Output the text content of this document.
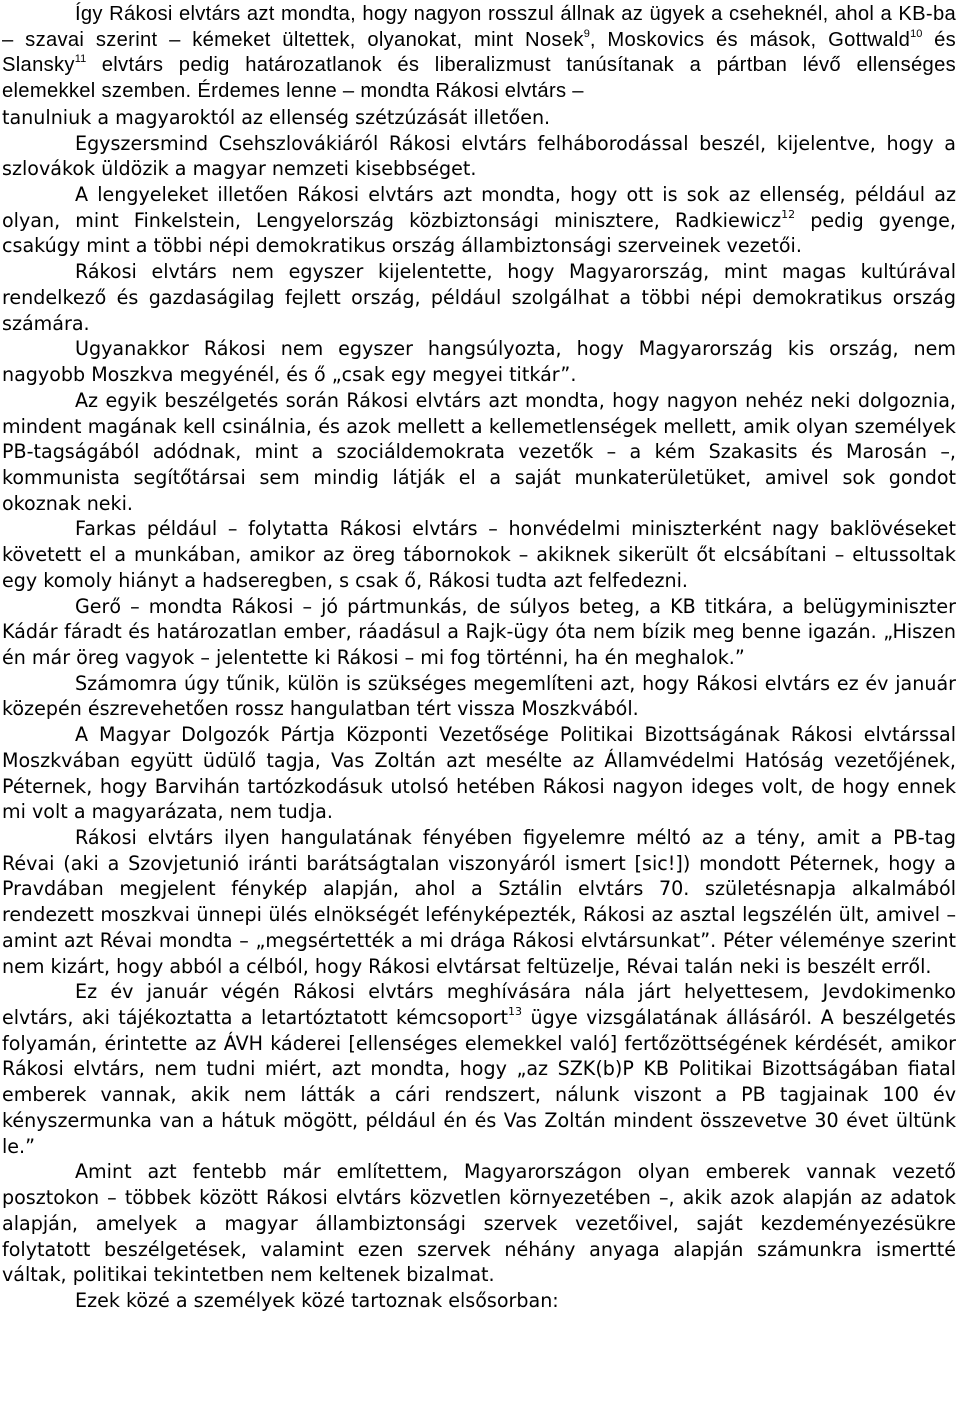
Így Rákosi elvtárs azt mondta, hogy nagyon rosszul állnak az ügyek a cseheknél, ahol a KB-ba – szavai szerint – kémeket ültettek, olyanokat, mint Nosek$^9$, Moskovics és mások, Gottwald$^{10}$ és Slansky$^{11}$ elvtárs pedig határozatlanok és liberalizmust tanúsítanak a pártban lévő ellenséges elemekkel szemben. Érdemes lenne – mondta Rákosi elvtárs –

tanulniuk a magyaroktól az ellenség szétzúzását illetően.

Egyszersmind Csehszlovákiáról Rákosi elvtárs felháborodással beszél, kijelentve, hogy a szlovákok üldözik a magyar nemzeti kisebbséget.

A lengyeleket illetően Rákosi elvtárs azt mondta, hogy ott is sok az ellenség, például az olyan, mint Finkelstein, Lengyelország közbiztonsági minisztere, Radkiewicz$^{12}$ pedig gyenge, csakúgy mint a többi népi demokratikus ország állambiztonsági szerveinek vezetői.

Rákosi elvtárs nem egyszer kijelentette, hogy Magyarország, mint magas kultúrával rendelkező és gazdaságilag fejlett ország, például szolgálhat a többi népi demokratikus ország számára.

Ugyanakkor Rákosi nem egyszer hangsúlyozta, hogy Magyarország kis ország, nem nagyobb Moszkva megyénél, és ő „csak egy megyei titkár”.

Az egyik beszélgetés során Rákosi elvtárs azt mondta, hogy nagyon nehéz neki dolgoznia, mindent magának kell csinálnia, és azok mellett a kellemetlenségek mellett, amik olyan személyek PB-tagságából adódnak, mint a szociáldemokrata vezetők – a kém Szakasits és Marosán –, kommunista segítőtársai sem mindig látják el a saját munkaterületüket, amivel sok gondot okoznak neki.

Farkas például – folytatta Rákosi elvtárs – honvédelmi miniszterként nagy baklövéseket követett el a munkában, amikor az öreg tábornokok – akiknek sikerült őt elcsábítani – eltussoltak egy komoly hiányt a hadseregben, s csak ő, Rákosi tudta azt felfedezni.

Gerő – mondta Rákosi – jó pártmunkás, de súlyos beteg, a KB titkára, a belügyminiszter Kádár fáradt és határozatlan ember, ráadásul a Rajk-ügy óta nem bízik meg benne igazán. „Hiszen én már öreg vagyok – jelentette ki Rákosi – mi fog történni, ha én meghalok.”

Számomra úgy tűnik, külön is szükséges megemlíteni azt, hogy Rákosi elvtárs ez év január közepén észrevehetően rossz hangulatban tért vissza Moszkvából.

A Magyar Dolgozók Pártja Központi Vezetősége Politikai Bizottságának Rákosi elvtárssal Moszkvában együtt üdülő tagja, Vas Zoltán azt mesélte az Államvédelmi Hatóság vezetőjének, Péternek, hogy Barvihán tartózkodásuk utolsó hetében Rákosi nagyon ideges volt, de hogy ennek mi volt a magyarázata, nem tudja.

Rákosi elvtárs ilyen hangulatának fényében figyelemre méltó az a tény, amit a PB-tag Révai (aki a Szovjetunió iránti barátságtalan viszonyáról ismert [sic!]) mondott Péternek, hogy a Pravdában megjelent fénykép alapján, ahol a Sztálin elvtárs 70. születésnapja alkalmából rendezett moszkvai ünnepi ülés elnökségét lefényképezték, Rákosi az asztal legszélén ült, amivel – amint azt Révai mondta – „megsértették a mi drága Rákosi elvtársunkat”. Péter véleménye szerint nem kizárt, hogy abból a célból, hogy Rákosi elvtársat feltüzelje, Révai talán neki is beszélt erről.

Ez év január végén Rákosi elvtárs meghívására nála járt helyettesem, Jevdokimenko elvtárs, aki tájékoztatta a letartóztatott kémcsoport$^{13}$ ügye vizsgálatának állásáról. A beszélgetés folyamán, érintette az ÁVH káderei [ellenséges elemekkel való] fertőzöttségének kérdését, amikor Rákosi elvtárs, nem tudni miért, azt mondta, hogy „az SZK(b)P KB Politikai Bizottságában fiatal emberek vannak, akik nem látták a cári rendszert, nálunk viszont a PB tagjainak 100 év kényszermunka van a hátuk mögött, például én és Vas Zoltán mindent összevetve 30 évet ültünk le.”

Amint azt fentebb már említettem, Magyarországon olyan emberek vannak vezető posztokon – többek között Rákosi elvtárs közvetlen környezetében –, akik azok alapján az adatok alapján, amelyek a magyar állambiztonsági szervek vezetőivel, saját kezdeményezésükre folytatott beszélgetések, valamint ezen szervek néhány anyaga alapján számunkra ismertté váltak, politikai tekintetben nem keltenek bizalmat.

Ezek közé a személyek közé tartoznak elsősorban:
